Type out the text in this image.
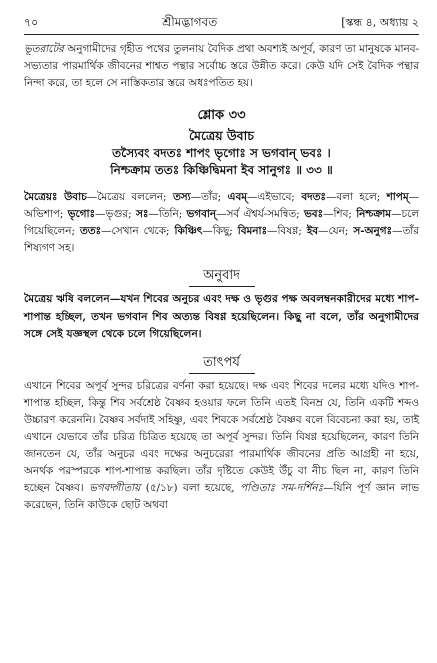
৭০	শ্রীমদ্ভাগবত	[স্কন্ধ ৪, অধ্যায় ২

ভূতরাটের অনুগামীদের গৃহীত পথের তুলনায় বৈদিক প্রথা অবশ্যই অপূর্ব, কারণ তা মানুষকে মানব-সভ্যতার পারমার্থিক জীবনের শাশ্বত পন্থার সর্বোচ্চ স্তরে উন্নীত করে। কেউ যদি সেই বৈদিক পন্থার নিন্দা করে, তা হলে সে নাস্তিকতার স্তরে অধঃপতিত হয়।

শ্লোক ৩৩
মৈত্রেয় উবাচ
তস্যৈবং বদতঃ শাপং ভৃগোঃ স ভগবান্ ভবঃ ।
নিশ্চক্রাম ততঃ কিঞ্চিদ্বিমনা ইব সানুগঃ ॥ ৩৩ ॥

মৈত্রেয়ঃ উবাচ—মৈত্রেয় বললেন; তস্য—তাঁর; এবম্—এইভাবে; বদতঃ—বলা হলে; শাপম্—অভিশাপ; ভৃগোঃ—ভৃগুর; সঃ—তিনি; ভগবান্—সর্ব ঐশ্বর্য-সমন্বিত; ভবঃ—শিব; নিশ্চক্রাম—চলে গিয়েছিলেন; ততঃ—সেখান থেকে; কিঞ্চিৎ—কিছু; বিমনাঃ—বিষণ্ণ; ইব—যেন; স-অনুগঃ—তাঁর শিষ্যগণ সহ।

অনুবাদ

মৈত্রেয় ঋষি বললেন—যখন শিবের অনুচর এবং দক্ষ ও ভৃগুর পক্ষ অবলম্বনকারীদের মধ্যে শাপ-শাপান্ত হচ্ছিল, তখন ভগবান শিব অত্যন্ত বিষণ্ণ হয়েছিলেন। কিছু না বলে, তাঁর অনুগামীদের সঙ্গে সেই যজ্ঞস্থল থেকে চলে গিয়েছিলেন।

তাৎপর্য

এখানে শিবের অপূর্ব সুন্দর চরিত্রের বর্ণনা করা হয়েছে। দক্ষ এবং শিবের দলের মধ্যে যদিও শাপ-শাপান্ত হচ্ছিল, কিন্তু শিব সর্বশ্রেষ্ঠ বৈষ্ণব হওয়ার ফলে তিনি এতই বিনম্র যে, তিনি একটি শব্দও উচ্চারণ করেননি। বৈষ্ণব সর্বদাই সহিষ্ণু, এবং শিবকে সর্বশ্রেষ্ঠ বৈষ্ণব বলে বিবেচনা করা হয়, তাই এখানে যেভাবে তাঁর চরিত্র চিত্রিত হয়েছে তা অপূর্ব সুন্দর। তিনি বিষণ্ণ হয়েছিলেন, কারণ তিনি জানতেন যে, তাঁর অনুচর এবং দক্ষের অনুচরেরা পারমার্থিক জীবনের প্রতি আগ্রহী না হয়ে, অনর্থক পরস্পরকে শাপ-শাপান্ত করছিল। তাঁর দৃষ্টিতে কেউই উঁচু বা নীচ ছিল না, কারণ তিনি হচ্ছেন বৈষ্ণব। ভগবদ্গীতায় (৫/১৮) বলা হয়েছে, পণ্ডিতাঃ সম-দর্শিনঃ—যিনি পূর্ণ জ্ঞান লাভ করেছেন, তিনি কাউকে ছোট অথবা
